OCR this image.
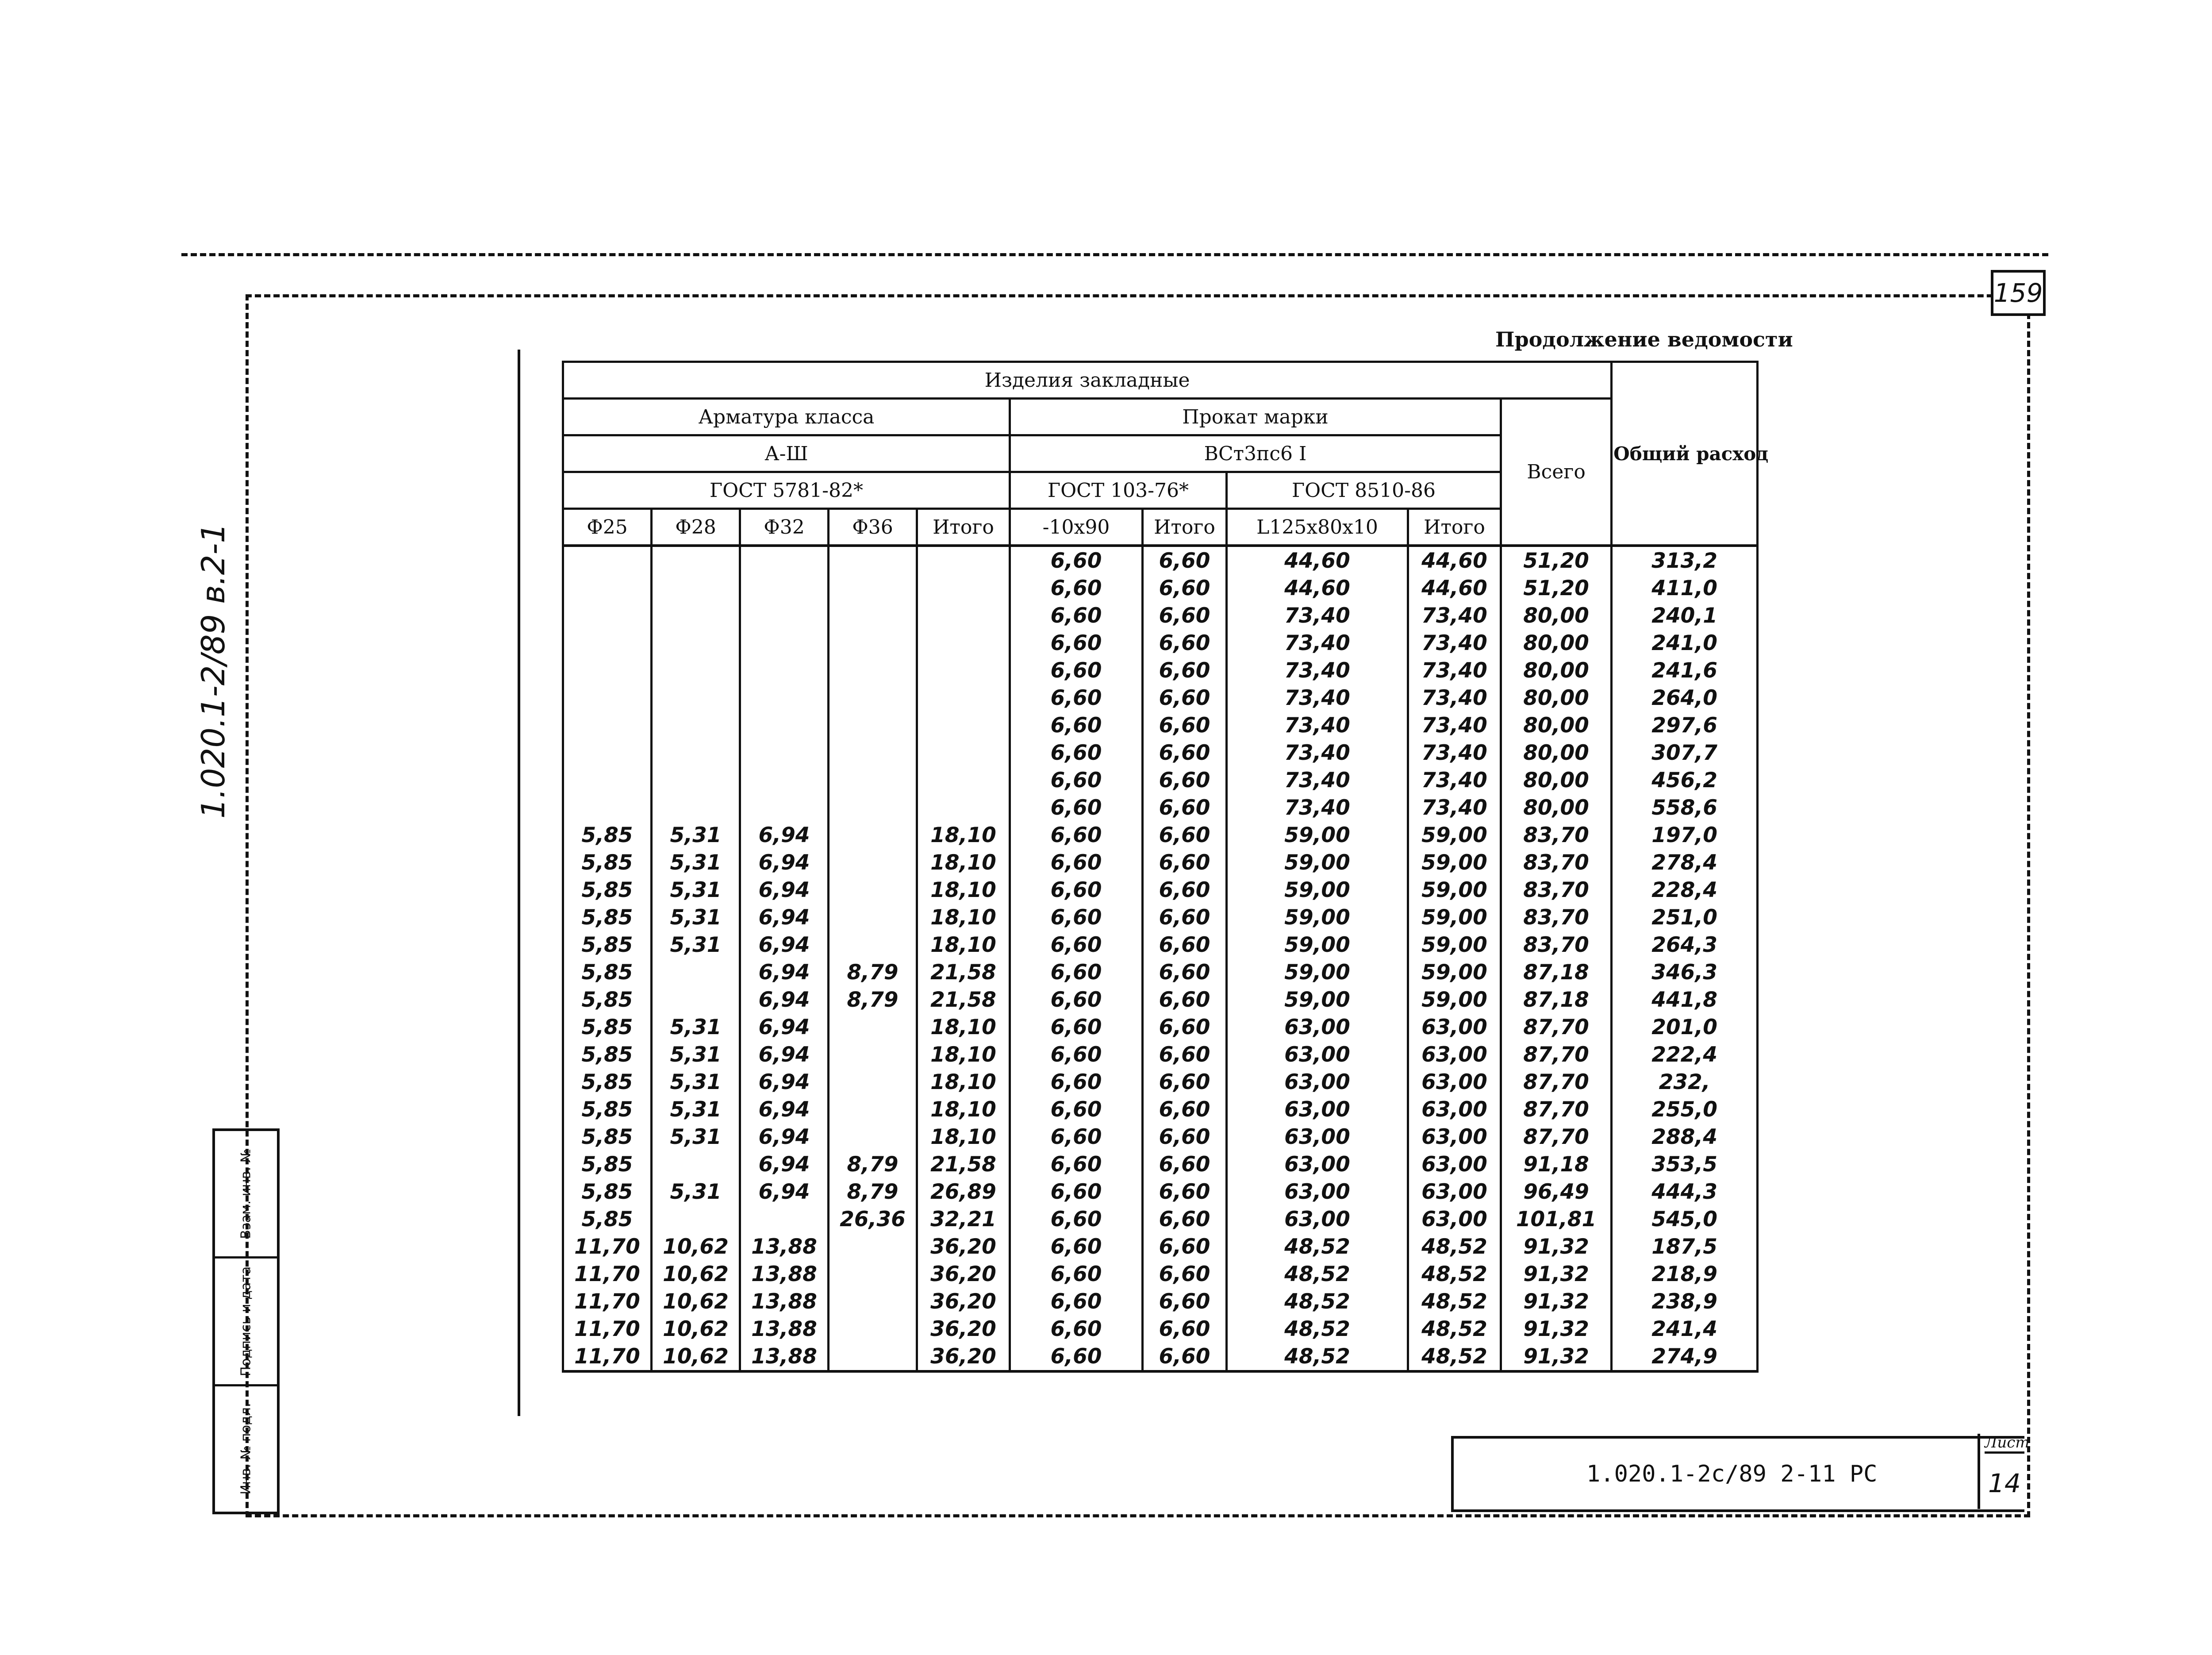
159
1.020.1-2/89 в.2-1
Взам. инв. №
Подпись и дата
Инв. № подл.
Продолжение ведомости
Изделия закладные										Общий расход
Арматура класса					Прокат марки				Всего	
А-Ш					ВСт3пс6 I					
ГОСТ 5781-82*					ГОСТ 103-76*		ГОСТ 8510-86			
Ф25	Ф28	Ф32	Ф36	Итого	-10х90	Итого	L125х80х10	Итого		
					6,60	6,60	44,60	44,60	51,20	313,2
					6,60	6,60	44,60	44,60	51,20	411,0
					6,60	6,60	73,40	73,40	80,00	240,1
					6,60	6,60	73,40	73,40	80,00	241,0
					6,60	6,60	73,40	73,40	80,00	241,6
					6,60	6,60	73,40	73,40	80,00	264,0
					6,60	6,60	73,40	73,40	80,00	297,6
					6,60	6,60	73,40	73,40	80,00	307,7
					6,60	6,60	73,40	73,40	80,00	456,2
					6,60	6,60	73,40	73,40	80,00	558,6
5,85	5,31	6,94		18,10	6,60	6,60	59,00	59,00	83,70	197,0
5,85	5,31	6,94		18,10	6,60	6,60	59,00	59,00	83,70	278,4
5,85	5,31	6,94		18,10	6,60	6,60	59,00	59,00	83,70	228,4
5,85	5,31	6,94		18,10	6,60	6,60	59,00	59,00	83,70	251,0
5,85	5,31	6,94		18,10	6,60	6,60	59,00	59,00	83,70	264,3
5,85		6,94	8,79	21,58	6,60	6,60	59,00	59,00	87,18	346,3
5,85		6,94	8,79	21,58	6,60	6,60	59,00	59,00	87,18	441,8
5,85	5,31	6,94		18,10	6,60	6,60	63,00	63,00	87,70	201,0
5,85	5,31	6,94		18,10	6,60	6,60	63,00	63,00	87,70	222,4
5,85	5,31	6,94		18,10	6,60	6,60	63,00	63,00	87,70	232,
5,85	5,31	6,94		18,10	6,60	6,60	63,00	63,00	87,70	255,0
5,85	5,31	6,94		18,10	6,60	6,60	63,00	63,00	87,70	288,4
5,85		6,94	8,79	21,58	6,60	6,60	63,00	63,00	91,18	353,5
5,85	5,31	6,94	8,79	26,89	6,60	6,60	63,00	63,00	96,49	444,3
5,85			26,36	32,21	6,60	6,60	63,00	63,00	101,81	545,0
11,70	10,62	13,88		36,20	6,60	6,60	48,52	48,52	91,32	187,5
11,70	10,62	13,88		36,20	6,60	6,60	48,52	48,52	91,32	218,9
11,70	10,62	13,88		36,20	6,60	6,60	48,52	48,52	91,32	238,9
11,70	10,62	13,88		36,20	6,60	6,60	48,52	48,52	91,32	241,4
11,70	10,62	13,88		36,20	6,60	6,60	48,52	48,52	91,32	274,9
1.020.1-2с/89 2-11 РС
Лист
14
